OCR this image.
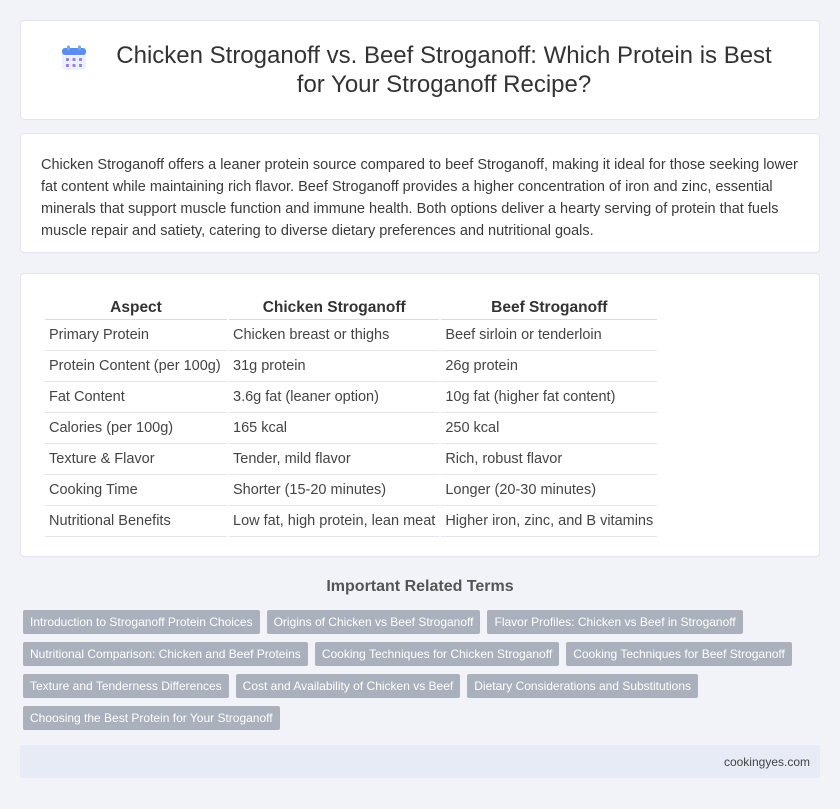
Chicken Stroganoff vs. Beef Stroganoff: Which Protein is Best for Your Stroganoff Recipe?

Chicken Stroganoff offers a leaner protein source compared to beef Stroganoff, making it ideal for those seeking lower fat content while maintaining rich flavor. Beef Stroganoff provides a higher concentration of iron and zinc, essential minerals that support muscle function and immune health. Both options deliver a hearty serving of protein that fuels muscle repair and satiety, catering to diverse dietary preferences and nutritional goals.

Aspect	Chicken Stroganoff	Beef Stroganoff
Primary Protein	Chicken breast or thighs	Beef sirloin or tenderloin
Protein Content (per 100g)	31g protein	26g protein
Fat Content	3.6g fat (leaner option)	10g fat (higher fat content)
Calories (per 100g)	165 kcal	250 kcal
Texture & Flavor	Tender, mild flavor	Rich, robust flavor
Cooking Time	Shorter (15-20 minutes)	Longer (20-30 minutes)
Nutritional Benefits	Low fat, high protein, lean meat	Higher iron, zinc, and B vitamins
Important Related Terms
Introduction to Stroganoff Protein Choices	Origins of Chicken vs Beef Stroganoff	Flavor Profiles: Chicken vs Beef in Stroganoff
Nutritional Comparison: Chicken and Beef Proteins	Cooking Techniques for Chicken Stroganoff	Cooking Techniques for Beef Stroganoff
Texture and Tenderness Differences	Cost and Availability of Chicken vs Beef	Dietary Considerations and Substitutions
Choosing the Best Protein for Your Stroganoff
cookingyes.com
